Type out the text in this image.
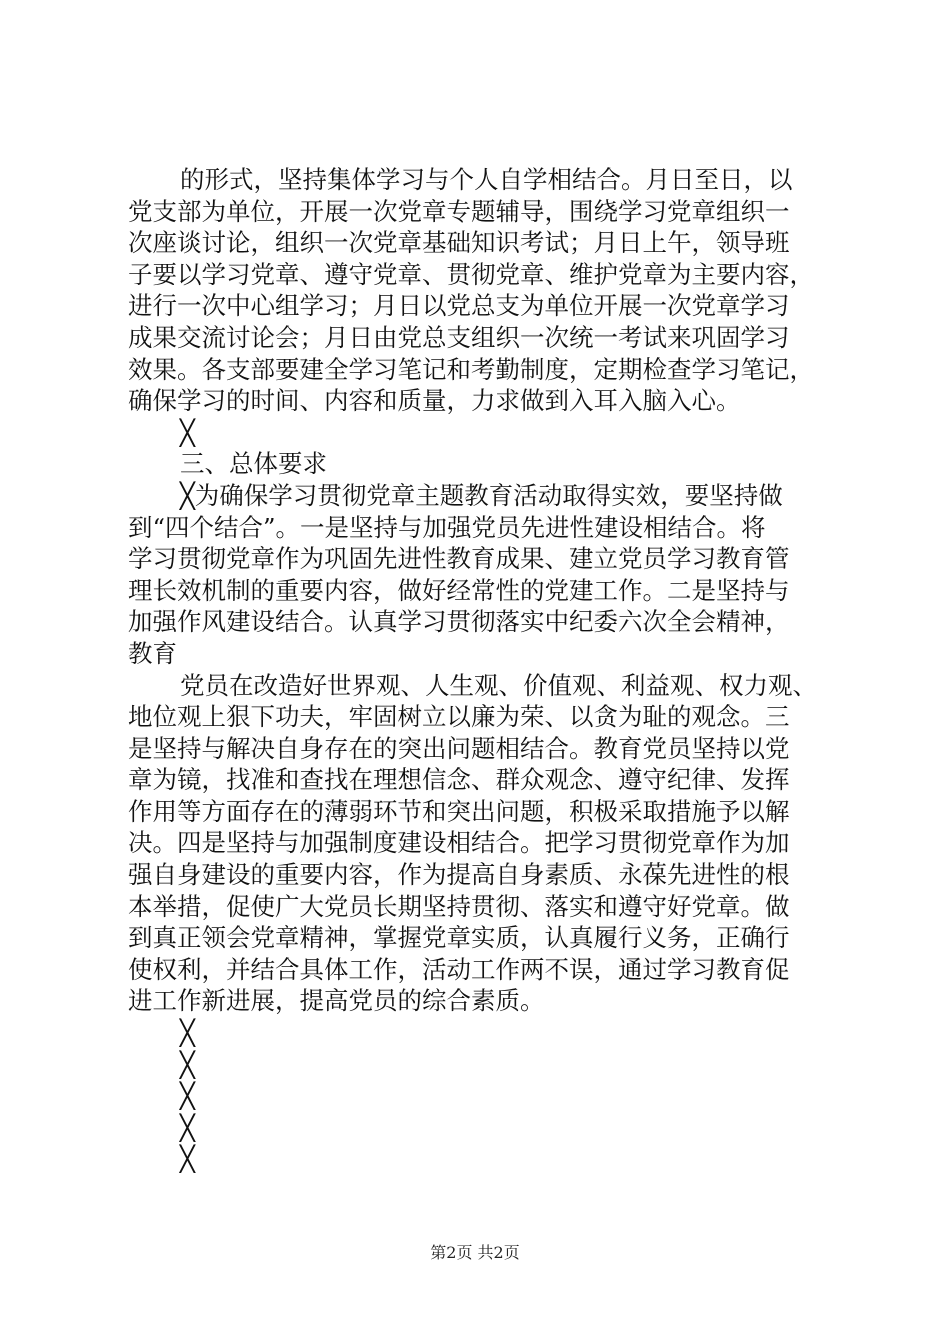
的形式，坚持集体学习与个人自学相结合。月日至日，以
党支部为单位，开展一次党章专题辅导，围绕学习党章组织一
次座谈讨论，组织一次党章基础知识考试；月日上午，领导班
子要以学习党章、遵守党章、贯彻党章、维护党章为主要内容，
进行一次中心组学习；月日以党总支为单位开展一次党章学习
成果交流讨论会；月日由党总支组织一次统一考试来巩固学习
效果。各支部要建全学习笔记和考勤制度，定期检查学习笔记，
确保学习的时间、内容和质量，力求做到入耳入脑入心。
╳
三、总体要求
╳为确保学习贯彻党章主题教育活动取得实效，要坚持做
到“四个结合”。一是坚持与加强党员先进性建设相结合。将
学习贯彻党章作为巩固先进性教育成果、建立党员学习教育管
理长效机制的重要内容，做好经常性的党建工作。二是坚持与
加强作风建设结合。认真学习贯彻落实中纪委六次全会精神，
教育
党员在改造好世界观、人生观、价值观、利益观、权力观、
地位观上狠下功夫，牢固树立以廉为荣、以贪为耻的观念。三
是坚持与解决自身存在的突出问题相结合。教育党员坚持以党
章为镜，找准和查找在理想信念、群众观念、遵守纪律、发挥
作用等方面存在的薄弱环节和突出问题，积极采取措施予以解
决。四是坚持与加强制度建设相结合。把学习贯彻党章作为加
强自身建设的重要内容，作为提高自身素质、永葆先进性的根
本举措，促使广大党员长期坚持贯彻、落实和遵守好党章。做
到真正领会党章精神，掌握党章实质，认真履行义务，正确行
使权利，并结合具体工作，活动工作两不误，通过学习教育促
进工作新进展，提高党员的综合素质。
╳
╳
╳
╳
╳
第2页 共2页
